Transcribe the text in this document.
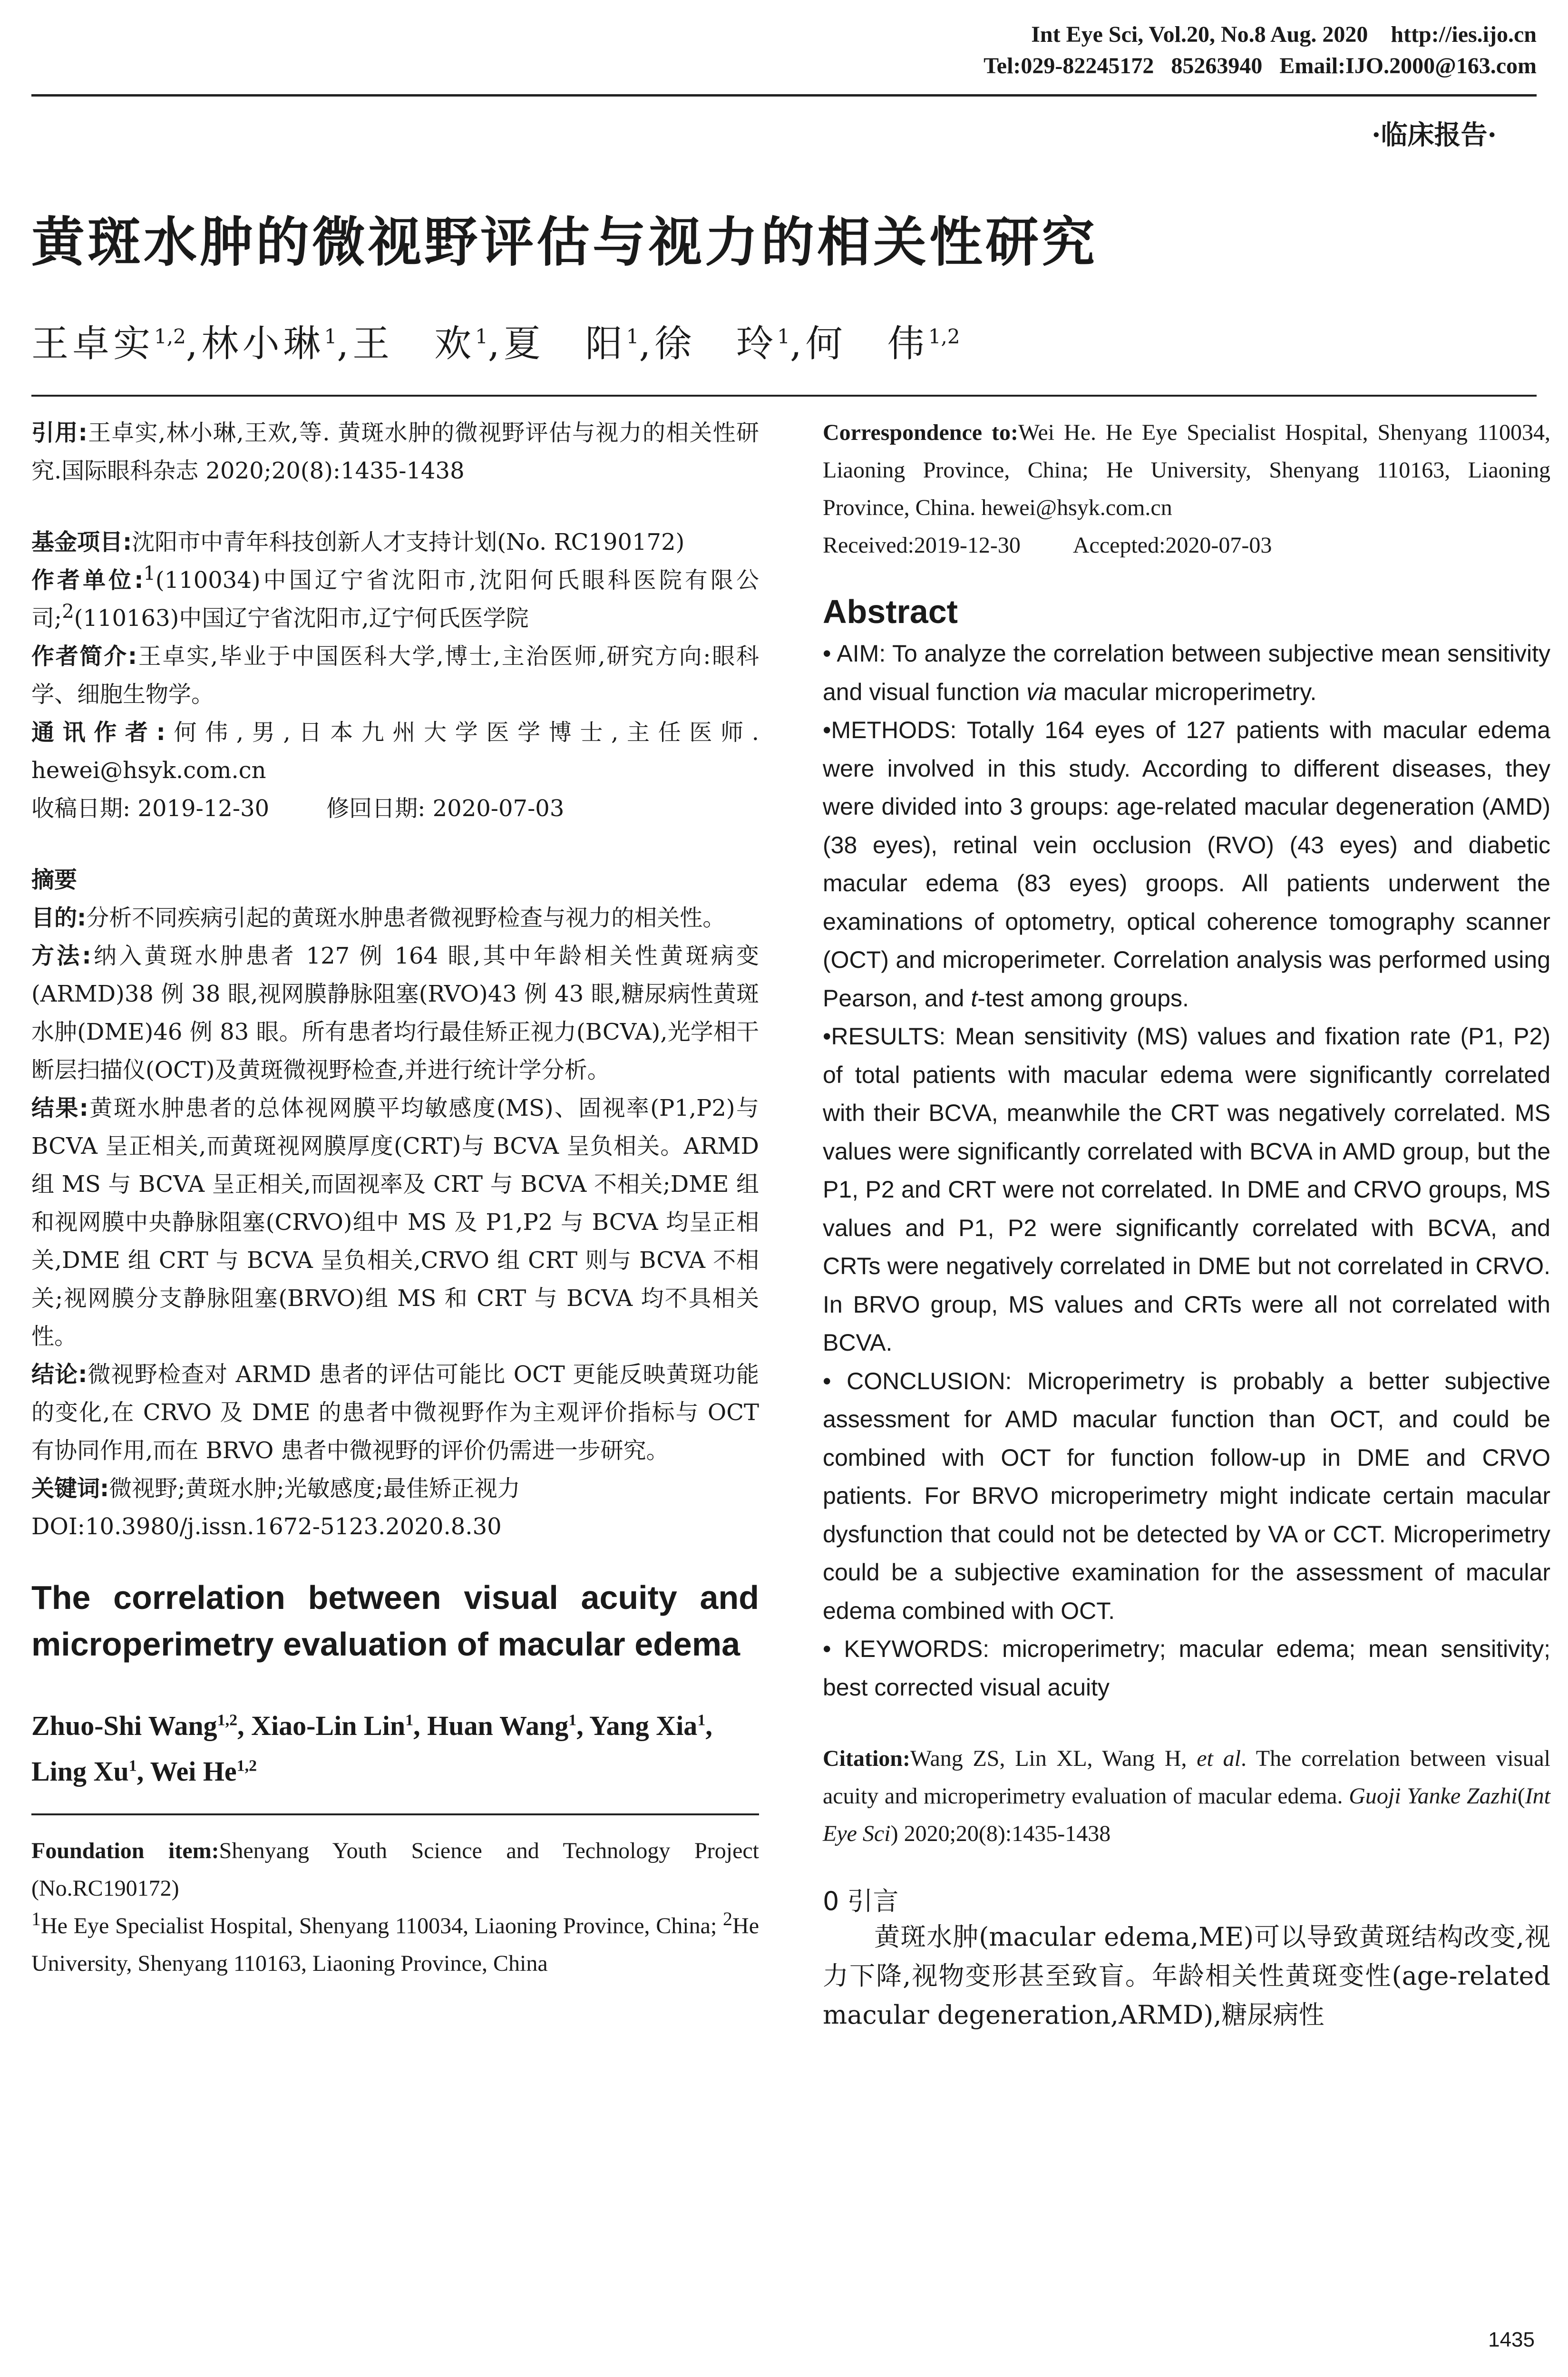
Int Eye Sci, Vol.20, No.8 Aug. 2020    http://ies.ijo.cn
Tel:029-82245172   85263940   Email:IJO.2000@163.com
·临床报告·
黄斑水肿的微视野评估与视力的相关性研究
王卓实$^{1,2}$,林小琳$^1$,王　欢$^1$,夏　阳$^1$,徐　玲$^1$,何　伟$^{1,2}$

引用:王卓实,林小琳,王欢,等. 黄斑水肿的微视野评估与视力的相关性研究.国际眼科杂志 2020;20(8):1435-1438

基金项目:沈阳市中青年科技创新人才支持计划(No. RC190172)

作者单位:$^1$(110034)中国辽宁省沈阳市,沈阳何氏眼科医院有限公司;$^2$(110163)中国辽宁省沈阳市,辽宁何氏医学院

作者简介:王卓实,毕业于中国医科大学,博士,主治医师,研究方向:眼科学、细胞生物学。

通讯作者:何伟,男,日本九州大学医学博士,主任医师. hewei@hsyk.com.cn

收稿日期: 2019-12-30	修回日期: 2020-07-03

摘要

目的:分析不同疾病引起的黄斑水肿患者微视野检查与视力的相关性。

方法:纳入黄斑水肿患者 127 例 164 眼,其中年龄相关性黄斑病变(ARMD)38 例 38 眼,视网膜静脉阻塞(RVO)43 例 43 眼,糖尿病性黄斑水肿(DME)46 例 83 眼。所有患者均行最佳矫正视力(BCVA),光学相干断层扫描仪(OCT)及黄斑微视野检查,并进行统计学分析。

结果:黄斑水肿患者的总体视网膜平均敏感度(MS)、固视率(P1,P2)与 BCVA 呈正相关,而黄斑视网膜厚度(CRT)与 BCVA 呈负相关。ARMD 组 MS 与 BCVA 呈正相关,而固视率及 CRT 与 BCVA 不相关;DME 组和视网膜中央静脉阻塞(CRVO)组中 MS 及 P1,P2 与 BCVA 均呈正相关,DME 组 CRT 与 BCVA 呈负相关,CRVO 组 CRT 则与 BCVA 不相关;视网膜分支静脉阻塞(BRVO)组 MS 和 CRT 与 BCVA 均不具相关性。

结论:微视野检查对 ARMD 患者的评估可能比 OCT 更能反映黄斑功能的变化,在 CRVO 及 DME 的患者中微视野作为主观评价指标与 OCT 有协同作用,而在 BRVO 患者中微视野的评价仍需进一步研究。

关键词:微视野;黄斑水肿;光敏感度;最佳矫正视力

DOI:10.3980/j.issn.1672-5123.2020.8.30

The correlation between visual acuity and microperimetry evaluation of macular edema

Zhuo-Shi Wang$^{1,2}$, Xiao-Lin Lin$^1$, Huan Wang$^1$, Yang Xia$^1$, Ling Xu$^1$, Wei He$^{1,2}$

Foundation item:Shenyang Youth Science and Technology Project (No.RC190172)

$^1$He Eye Specialist Hospital, Shenyang 110034, Liaoning Province, China; $^2$He University, Shenyang 110163, Liaoning Province, China

Correspondence to:Wei He. He Eye Specialist Hospital, Shenyang 110034, Liaoning Province, China; He University, Shenyang 110163, Liaoning Province, China. hewei@hsyk.com.cn

Received:2019-12-30 Accepted:2020-07-03

Abstract

• AIM: To analyze the correlation between subjective mean sensitivity and visual function via macular microperimetry.

•METHODS: Totally 164 eyes of 127 patients with macular edema were involved in this study. According to different diseases, they were divided into 3 groups: age-related macular degeneration (AMD) (38 eyes), retinal vein occlusion (RVO) (43 eyes) and diabetic macular edema (83 eyes) groops. All patients underwent the examinations of optometry, optical coherence tomography scanner (OCT) and microperimeter. Correlation analysis was performed using Pearson, and t-test among groups.

•RESULTS: Mean sensitivity (MS) values and fixation rate (P1, P2) of total patients with macular edema were significantly correlated with their BCVA, meanwhile the CRT was negatively correlated. MS values were significantly correlated with BCVA in AMD group, but the P1, P2 and CRT were not correlated. In DME and CRVO groups, MS values and P1, P2 were significantly correlated with BCVA, and CRTs were negatively correlated in DME but not correlated in CRVO. In BRVO group, MS values and CRTs were all not correlated with BCVA.

• CONCLUSION: Microperimetry is probably a better subjective assessment for AMD macular function than OCT, and could be combined with OCT for function follow-up in DME and CRVO patients. For BRVO microperimetry might indicate certain macular dysfunction that could not be detected by VA or CCT. Microperimetry could be a subjective examination for the assessment of macular edema combined with OCT.

• KEYWORDS: microperimetry; macular edema; mean sensitivity; best corrected visual acuity

Citation:Wang ZS, Lin XL, Wang H, et al. The correlation between visual acuity and microperimetry evaluation of macular edema. Guoji Yanke Zazhi(Int Eye Sci) 2020;20(8):1435-1438

0 引言

黄斑水肿(macular edema,ME)可以导致黄斑结构改变,视力下降,视物变形甚至致盲。年龄相关性黄斑变性(age-related macular degeneration,ARMD),糖尿病性

1435
